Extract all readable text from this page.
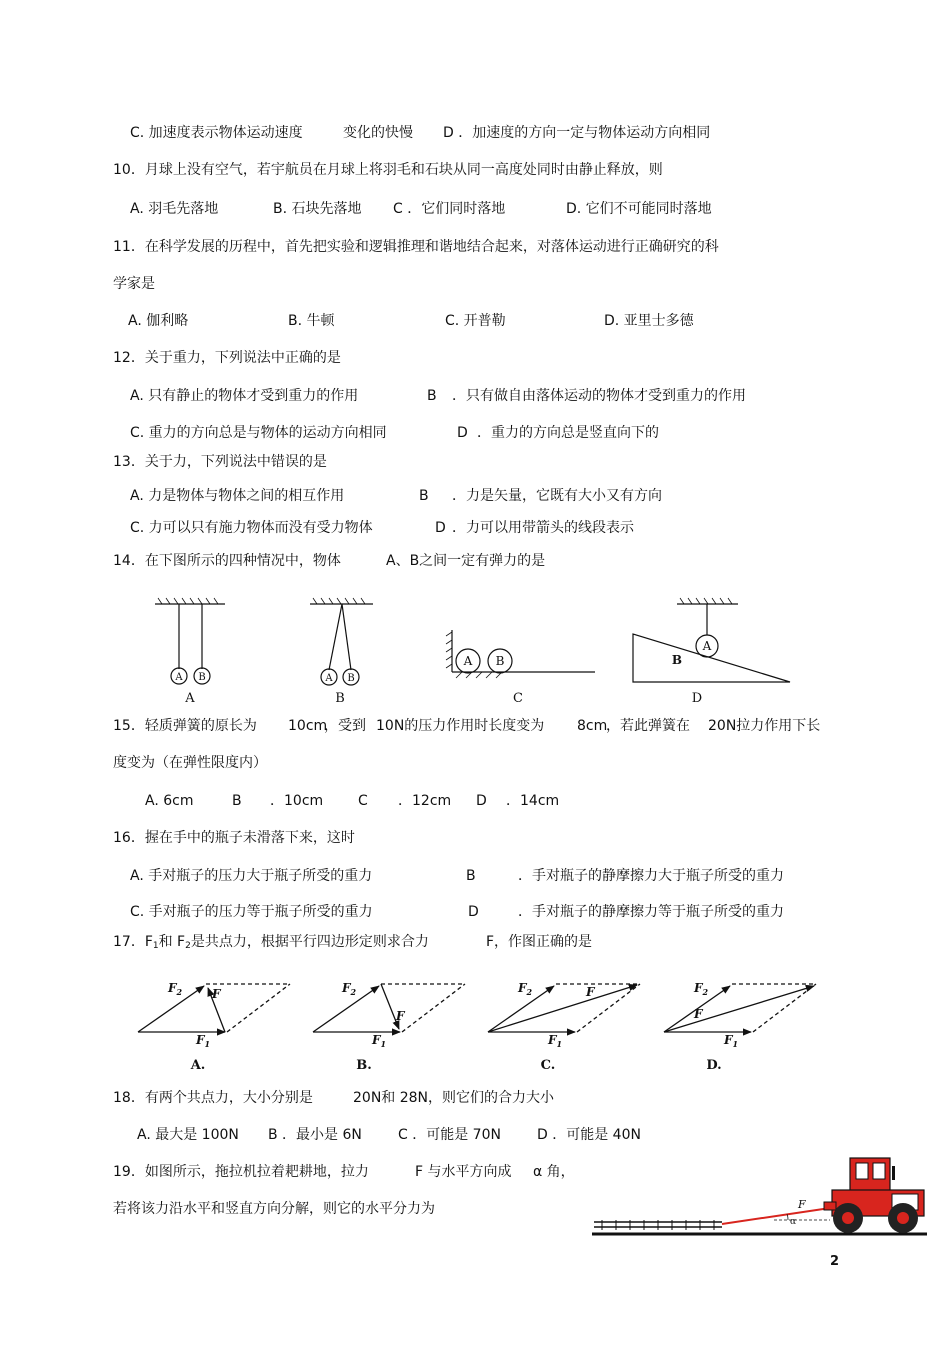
C. 加速度表示物体运动速度	变化的快慢 D ．加速度的方向一定与物体运动方向相同
10．月球上没有空气，若宇航员在月球上将羽毛和石块从同一高度处同时由静止释放，则
A. 羽毛先落地	B. 石块先落地 C ．它们同时落地	D. 它们不可能同时落地
11．在科学发展的历程中，首先把实验和逻辑推理和谐地结合起来，对落体运动进行正确研究的科
学家是
A. 伽利略	B. 牛顿	C. 开普勒	D. 亚里士多德
12．关于重力，下列说法中正确的是
A. 只有静止的物体才受到重力的作用	B ．只有做自由落体运动的物体才受到重力的作用
C. 重力的方向总是与物体的运动方向相同	D ．重力的方向总是竖直向下的
13．关于力，下列说法中错误的是
A. 力是物体与物体之间的相互作用	B ．力是矢量，它既有大小又有方向
C. 力可以只有施力物体而没有受力物体	D ．力可以用带箭头的线段表示
14．在下图所示的四种情况中，物体	A、B之间一定有弹力的是
A B	A B
A B
A
B
A	B	C	D
15．轻质弹簧的原长为 10cm
，受到 10N的压力作用时长度变为 8cm
，若此弹簧在 20N拉力作用下长
度变为（在弹性限度内）
A. 6cm	B ．10cm C ．12cm D ．14cm
16．握在手中的瓶子未滑落下来，这时
A. 手对瓶子的压力大于瓶子所受的重力	B	．手对瓶子的静摩擦力大于瓶子所受的重力
C. 手对瓶子的压力等于瓶子所受的重力	D	．手对瓶子的静摩擦力等于瓶子所受的重力
17．F1和 F2是共点力，根据平行四边形定则求合力	F，作图正确的是
$F_2$ F
$F_1$
$F_2$
F
$F_1$
$F_2$	F
$F_1$
$F_2$
F
$F_1$
A.	B.	C.	D.
18．有两个共点力，大小分别是	20N和 28N，则它们的合力大小
A. 最大是 100N B ．最小是 6N	C ．可能是 70N	D ．可能是 40N
19．如图所示，拖拉机拉着耙耕地，拉力	F 与水平方向成 α 角，
若将该力沿水平和竖直方向分解，则它的水平分力为	F
α
2
